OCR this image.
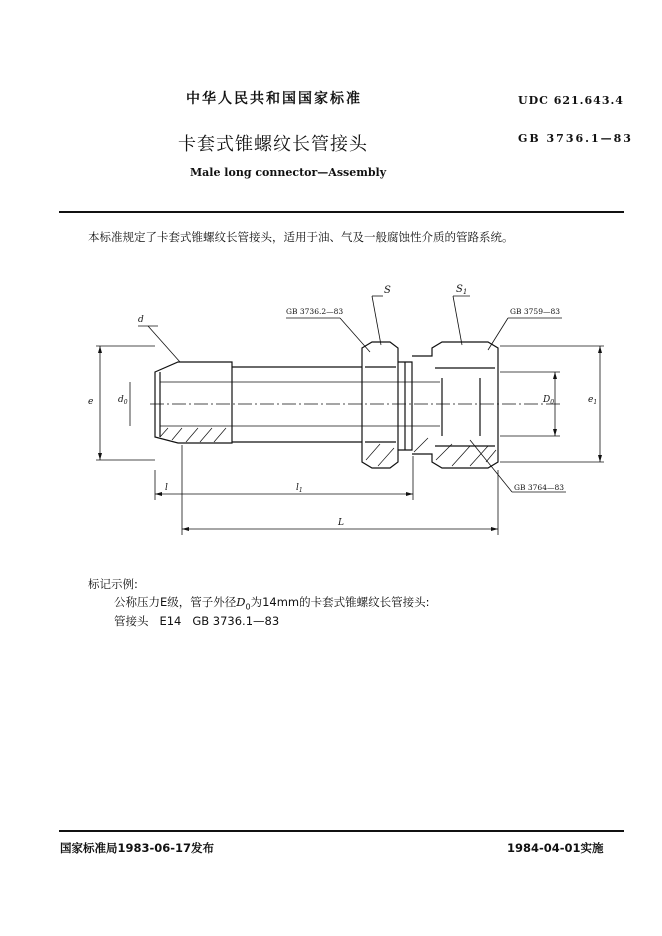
中华人民共和国国家标准	UDC 621.643.4
卡套式锥螺纹长管接头	GB 3736.1—83
Male long connector—Assembly
本标准规定了卡套式锥螺纹长管接头，适用于油、气及一般腐蚀性介质的管路系统。
GB 3736.2—83	GB 3759—83
GB 3764—83
S	$S_1$
d
e	$d_0$	$D_0$	$e_1$
l	$l_1$
L
标记示例:
公称压力E级，管子外径$D_0$为14mm的卡套式锥螺纹长管接头:
管接头   E14   GB 3736.1—83
国家标准局1983-06-17发布	1984-04-01实施
